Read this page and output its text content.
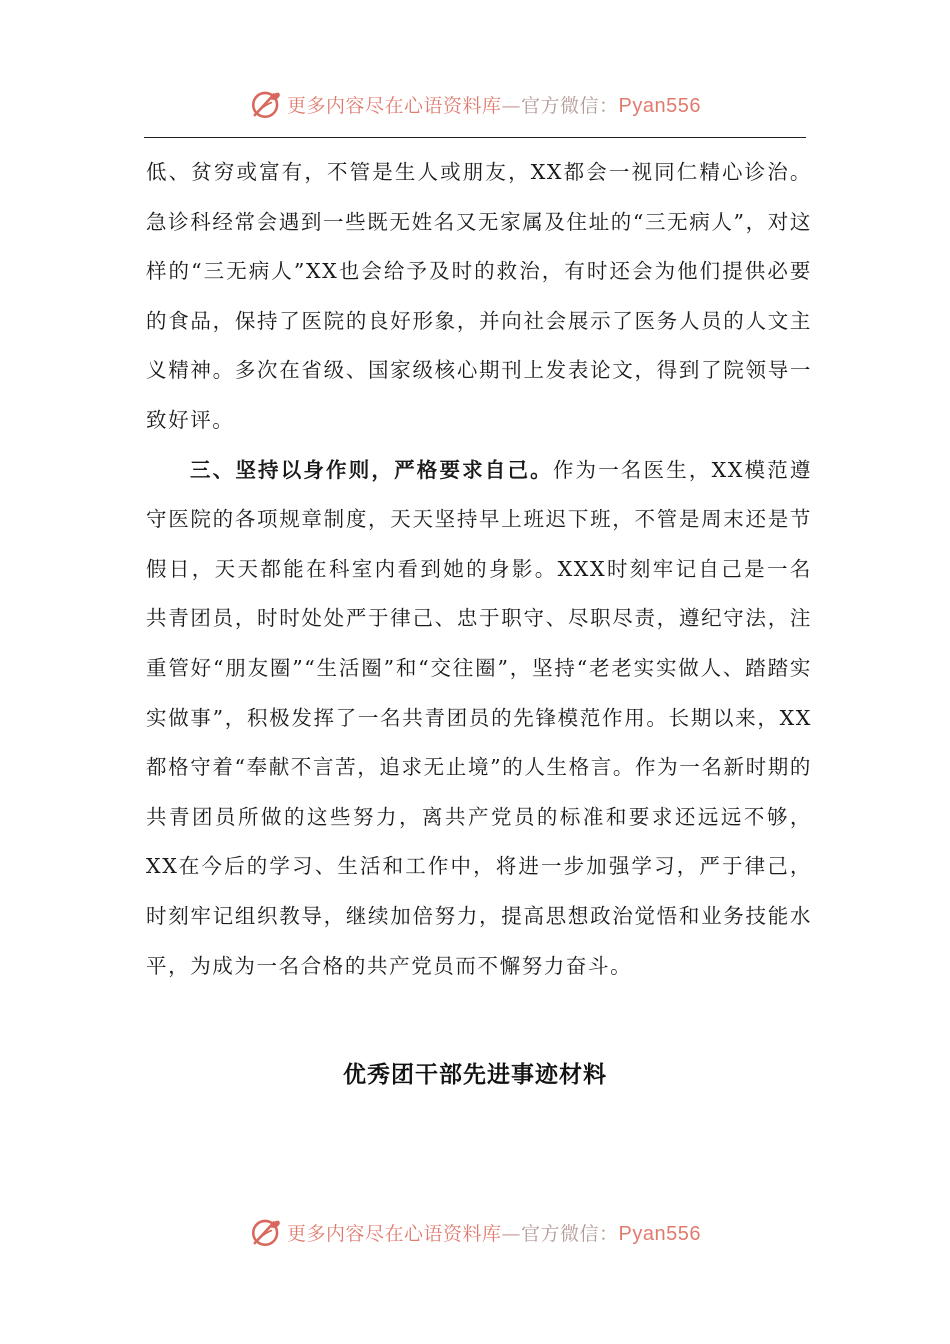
更多内容尽在心语资料库—官方微信：Pyan556

低、贫穷或富有，不管是生人或朋友，XX都会一视同仁精心诊治。急诊科经常会遇到一些既无姓名又无家属及住址的“三无病人”，对这样的“三无病人”XX也会给予及时的救治，有时还会为他们提供必要的食品，保持了医院的良好形象，并向社会展示了医务人员的人文主义精神。多次在省级、国家级核心期刊上发表论文，得到了院领导一致好评。

三、坚持以身作则，严格要求自己。作为一名医生，XX模范遵守医院的各项规章制度，天天坚持早上班迟下班，不管是周末还是节假日，天天都能在科室内看到她的身影。XXX时刻牢记自己是一名共青团员，时时处处严于律己、忠于职守、尽职尽责，遵纪守法，注重管好“朋友圈”“生活圈”和“交往圈”，坚持“老老实实做人、踏踏实实做事”，积极发挥了一名共青团员的先锋模范作用。长期以来，XX都格守着“奉献不言苦，追求无止境”的人生格言。作为一名新时期的共青团员所做的这些努力，离共产党员的标准和要求还远远不够，XX在今后的学习、生活和工作中，将进一步加强学习，严于律己，时刻牢记组织教导，继续加倍努力，提高思想政治觉悟和业务技能水平，为成为一名合格的共产党员而不懈努力奋斗。

优秀团干部先进事迹材料
更多内容尽在心语资料库—官方微信：Pyan556
